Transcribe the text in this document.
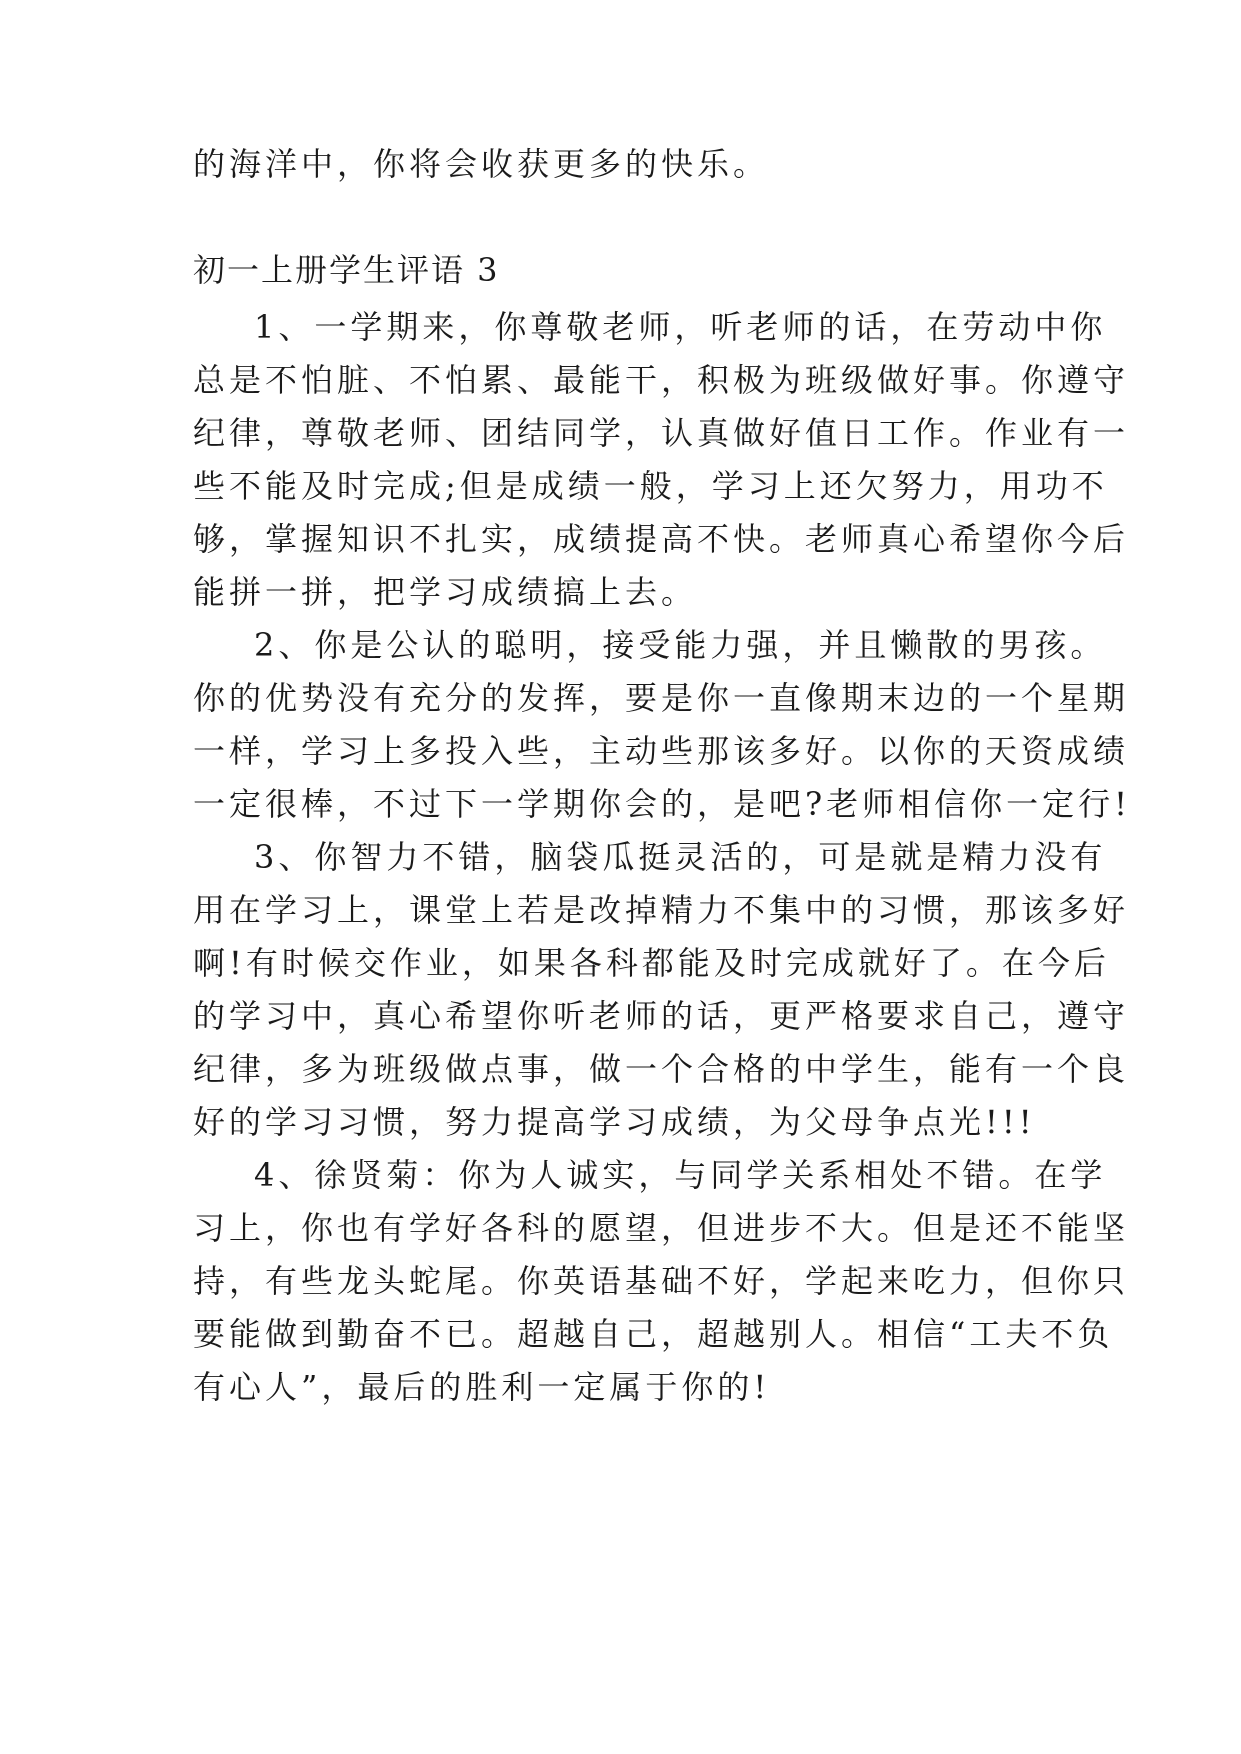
的海洋中，你将会收获更多的快乐。
初一上册学生评语 3
1、一学期来，你尊敬老师，听老师的话，在劳动中你
总是不怕脏、不怕累、最能干，积极为班级做好事。你遵守
纪律，尊敬老师、团结同学，认真做好值日工作。作业有一
些不能及时完成;但是成绩一般，学习上还欠努力，用功不
够，掌握知识不扎实，成绩提高不快。老师真心希望你今后
能拼一拼，把学习成绩搞上去。
2、你是公认的聪明，接受能力强，并且懒散的男孩。
你的优势没有充分的发挥，要是你一直像期末边的一个星期
一样，学习上多投入些，主动些那该多好。以你的天资成绩
一定很棒，不过下一学期你会的，是吧?老师相信你一定行!
3、你智力不错，脑袋瓜挺灵活的，可是就是精力没有
用在学习上，课堂上若是改掉精力不集中的习惯，那该多好
啊!有时候交作业，如果各科都能及时完成就好了。在今后
的学习中，真心希望你听老师的话，更严格要求自己，遵守
纪律，多为班级做点事，做一个合格的中学生，能有一个良
好的学习习惯，努力提高学习成绩，为父母争点光!!!
4、徐贤菊：你为人诚实，与同学关系相处不错。在学
习上，你也有学好各科的愿望，但进步不大。但是还不能坚
持，有些龙头蛇尾。你英语基础不好，学起来吃力，但你只
要能做到勤奋不已。超越自己，超越别人。相信“工夫不负
有心人”，最后的胜利一定属于你的!
